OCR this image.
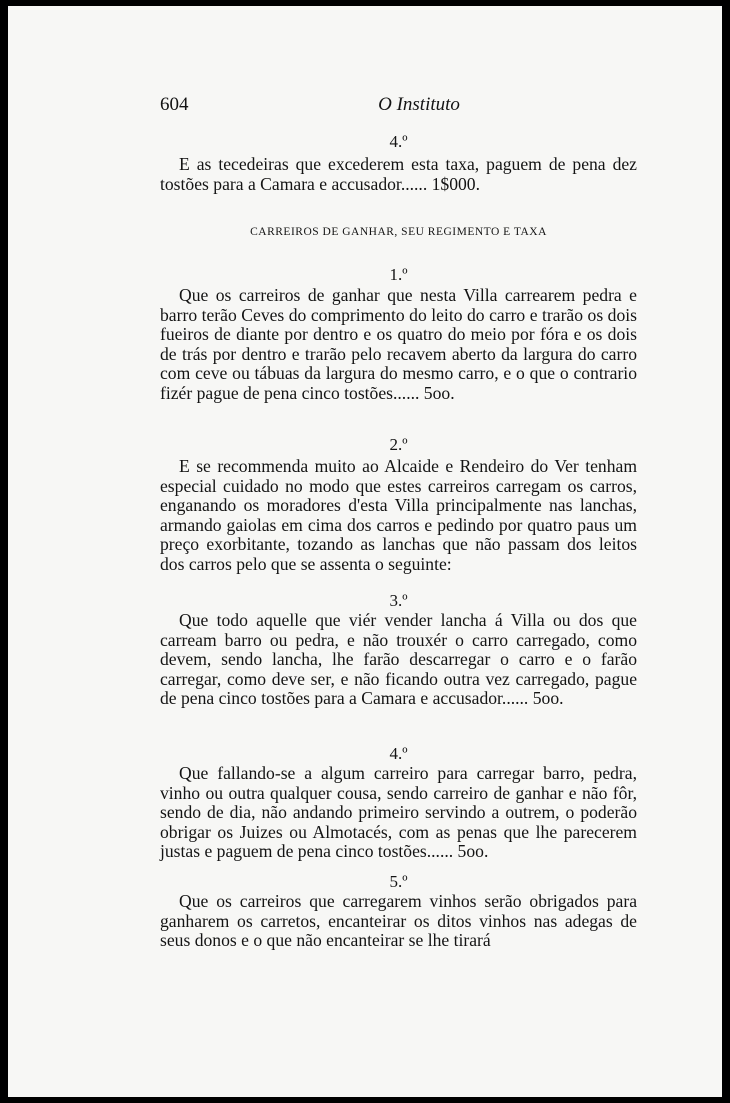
604	O Instituto
4.º

E as tecedeiras que excederem esta taxa, paguem de pena dez tostões para a Camara e accusador...... 1$000.

CARREIROS DE GANHAR, SEU REGIMENTO E TAXA
1.º

Que os carreiros de ganhar que nesta Villa carrearem pedra e barro terão Ceves do comprimento do leito do carro e trarão os dois fueiros de diante por dentro e os quatro do meio por fóra e os dois de trás por dentro e trarão pelo recavem aberto da largura do carro com ceve ou tábuas da largura do mesmo carro, e o que o contrario fizér pague de pena cinco tostões...... 5oo.

2.º

E se recommenda muito ao Alcaide e Rendeiro do Ver tenham especial cuidado no modo que estes carreiros carregam os carros, enganando os moradores d'esta Villa principalmente nas lanchas, armando gaiolas em cima dos carros e pedindo por quatro paus um preço exorbitante, tozando as lanchas que não passam dos leitos dos carros pelo que se assenta o seguinte:

3.º

Que todo aquelle que viér vender lancha á Villa ou dos que carream barro ou pedra, e não trouxér o carro carregado, como devem, sendo lancha, lhe farão descarregar o carro e o farão carregar, como deve ser, e não ficando outra vez carregado, pague de pena cinco tostões para a Camara e accusador...... 5oo.

4.º

Que fallando-se a algum carreiro para carregar barro, pedra, vinho ou outra qualquer cousa, sendo carreiro de ganhar e não fôr, sendo de dia, não andando primeiro servindo a outrem, o poderão obrigar os Juizes ou Almotacés, com as penas que lhe parecerem justas e paguem de pena cinco tostões...... 5oo.

5.º

Que os carreiros que carregarem vinhos serão obrigados para ganharem os carretos, encanteirar os ditos vinhos nas adegas de seus donos e o que não encanteirar se lhe tirará
